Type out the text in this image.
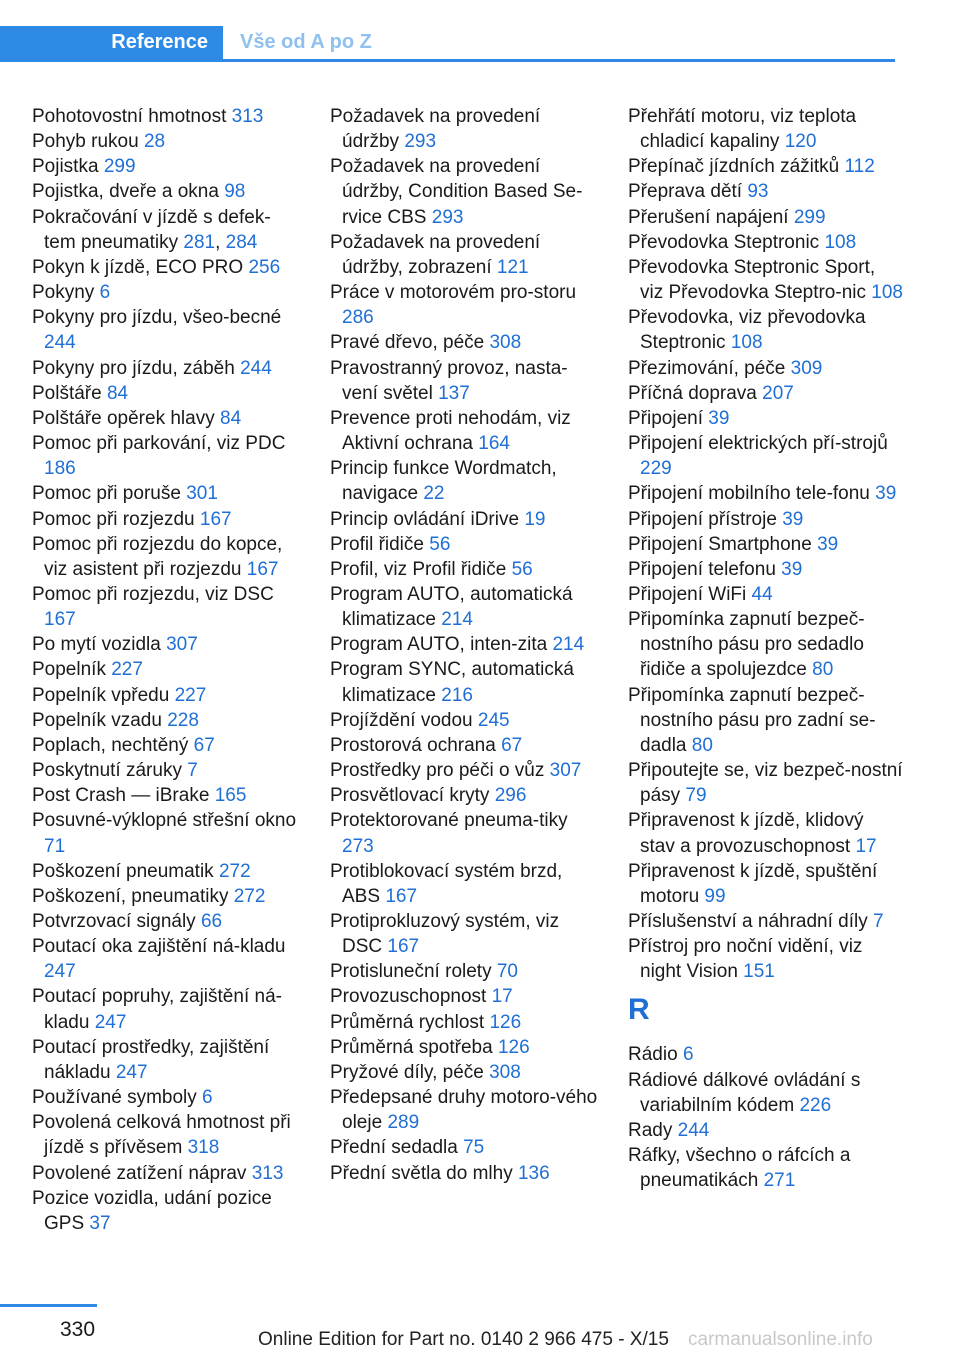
Reference	Vše od A po Z
Pohotovostní hmotnost 313
Pohyb rukou 28
Pojistka 299
Pojistka, dveře a okna 98
Pokračování v jízdě s defek-tem pneumatiky 281, 284
Pokyn k jízdě, ECO PRO 256
Pokyny 6
Pokyny pro jízdu, všeo-becné 244
Pokyny pro jízdu, záběh 244
Polštáře 84
Polštáře opěrek hlavy 84
Pomoc při parkování, viz PDC 186
Pomoc při poruše 301
Pomoc při rozjezdu 167
Pomoc při rozjezdu do kopce, viz asistent při rozjezdu 167
Pomoc při rozjezdu, viz DSC 167
Po mytí vozidla 307
Popelník 227
Popelník vpředu 227
Popelník vzadu 228
Poplach, nechtěný 67
Poskytnutí záruky 7
Post Crash — iBrake 165
Posuvné-výklopné střešní okno 71
Poškození pneumatik 272
Poškození, pneumatiky 272
Potvrzovací signály 66
Poutací oka zajištění ná-kladu 247
Poutací popruhy, zajištění ná-kladu 247
Poutací prostředky, zajištění nákladu 247
Používané symboly 6
Povolená celková hmotnost při jízdě s přívěsem 318
Povolené zatížení náprav 313
Pozice vozidla, udání pozice GPS 37
Požadavek na provedení údržby 293
Požadavek na provedení údržby, Condition Based Se-rvice CBS 293
Požadavek na provedení údržby, zobrazení 121
Práce v motorovém pro-storu 286
Pravé dřevo, péče 308
Pravostranný provoz, nasta-vení světel 137
Prevence proti nehodám, viz Aktivní ochrana 164
Princip funkce Wordmatch, navigace 22
Princip ovládání iDrive 19
Profil řidiče 56
Profil, viz Profil řidiče 56
Program AUTO, automatická klimatizace 214
Program AUTO, inten-zita 214
Program SYNC, automatická klimatizace 216
Projíždění vodou 245
Prostorová ochrana 67
Prostředky pro péči o vůz 307
Prosvětlovací kryty 296
Protektorované pneuma-tiky 273
Protiblokovací systém brzd, ABS 167
Protiprokluzový systém, viz DSC 167
Protisluneční rolety 70
Provozuschopnost 17
Průměrná rychlost 126
Průměrná spotřeba 126
Pryžové díly, péče 308
Předepsané druhy motoro-vého oleje 289
Přední sedadla 75
Přední světla do mlhy 136
Přehřátí motoru, viz teplota chladicí kapaliny 120
Přepínač jízdních zážitků 112
Přeprava dětí 93
Přerušení napájení 299
Převodovka Steptronic 108
Převodovka Steptronic Sport, viz Převodovka Steptro-nic 108
Převodovka, viz převodovka Steptronic 108
Přezimování, péče 309
Příčná doprava 207
Připojení 39
Připojení elektrických pří-strojů 229
Připojení mobilního tele-fonu 39
Připojení přístroje 39
Připojení Smartphone 39
Připojení telefonu 39
Připojení WiFi 44
Připomínka zapnutí bezpeč-nostního pásu pro sedadlo řidiče a spolujezdce 80
Připomínka zapnutí bezpeč-nostního pásu pro zadní se-dadla 80
Připoutejte se, viz bezpeč-nostní pásy 79
Připravenost k jízdě, klidový stav a provozuschopnost 17
Připravenost k jízdě, spuštění motoru 99
Příslušenství a náhradní díly 7
Přístroj pro noční vidění, viz night Vision 151
R
Rádio 6
Rádiové dálkové ovládání s variabilním kódem 226
Rady 244
Ráfky, všechno o ráfcích a pneumatikách 271
330	Online Edition for Part no. 0140 2 966 475 - X/15 carmanualsonline.info
